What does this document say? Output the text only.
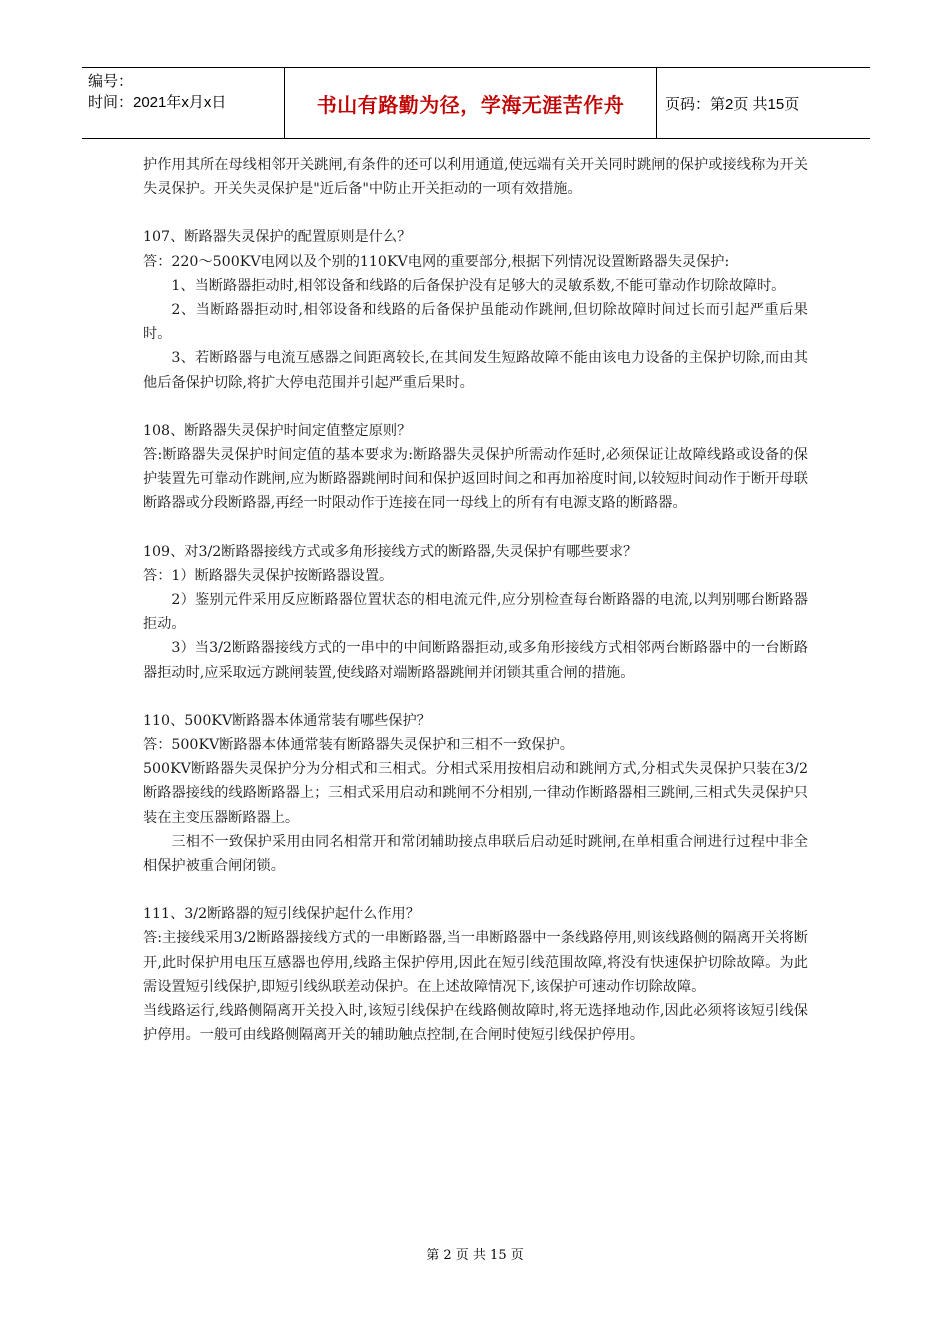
编号：
时间：2021年x月x日	书山有路勤为径，学海无涯苦作舟	页码：第2页 共15页

护作用其所在母线相邻开关跳闸,有条件的还可以利用通道,使远端有关开关同时跳闸的保护或接线称为开关失灵保护。开关失灵保护是"近后备"中防止开关拒动的一项有效措施。

107、断路器失灵保护的配置原则是什么？

答：220～500KV电网以及个别的110KV电网的重要部分,根据下列情况设置断路器失灵保护:

1、当断路器拒动时,相邻设备和线路的后备保护没有足够大的灵敏系数,不能可靠动作切除故障时。

2、当断路器拒动时,相邻设备和线路的后备保护虽能动作跳闸,但切除故障时间过长而引起严重后果时。

3、若断路器与电流互感器之间距离较长,在其间发生短路故障不能由该电力设备的主保护切除,而由其他后备保护切除,将扩大停电范围并引起严重后果时。

108、断路器失灵保护时间定值整定原则？

答:断路器失灵保护时间定值的基本要求为:断路器失灵保护所需动作延时,必须保证让故障线路或设备的保护装置先可靠动作跳闸,应为断路器跳闸时间和保护返回时间之和再加裕度时间,以较短时间动作于断开母联断路器或分段断路器,再经一时限动作于连接在同一母线上的所有有电源支路的断路器。

109、对3/2断路器接线方式或多角形接线方式的断路器,失灵保护有哪些要求？

答：1）断路器失灵保护按断路器设置。

2）鉴别元件采用反应断路器位置状态的相电流元件,应分别检查每台断路器的电流,以判别哪台断路器拒动。

3）当3/2断路器接线方式的一串中的中间断路器拒动,或多角形接线方式相邻两台断路器中的一台断路器拒动时,应采取远方跳闸装置,使线路对端断路器跳闸并闭锁其重合闸的措施。

110、500KV断路器本体通常装有哪些保护？

答：500KV断路器本体通常装有断路器失灵保护和三相不一致保护。

500KV断路器失灵保护分为分相式和三相式。分相式采用按相启动和跳闸方式,分相式失灵保护只装在3/2断路器接线的线路断路器上；三相式采用启动和跳闸不分相别,一律动作断路器相三跳闸,三相式失灵保护只装在主变压器断路器上。

三相不一致保护采用由同名相常开和常闭辅助接点串联后启动延时跳闸,在单相重合闸进行过程中非全相保护被重合闸闭锁。

111、3/2断路器的短引线保护起什么作用？

答:主接线采用3/2断路器接线方式的一串断路器,当一串断路器中一条线路停用,则该线路侧的隔离开关将断开,此时保护用电压互感器也停用,线路主保护停用,因此在短引线范围故障,将没有快速保护切除故障。为此需设置短引线保护,即短引线纵联差动保护。在上述故障情况下,该保护可速动作切除故障。

当线路运行,线路侧隔离开关投入时,该短引线保护在线路侧故障时,将无选择地动作,因此必须将该短引线保护停用。一般可由线路侧隔离开关的辅助触点控制,在合闸时使短引线保护停用。

第 2 页 共 15 页
